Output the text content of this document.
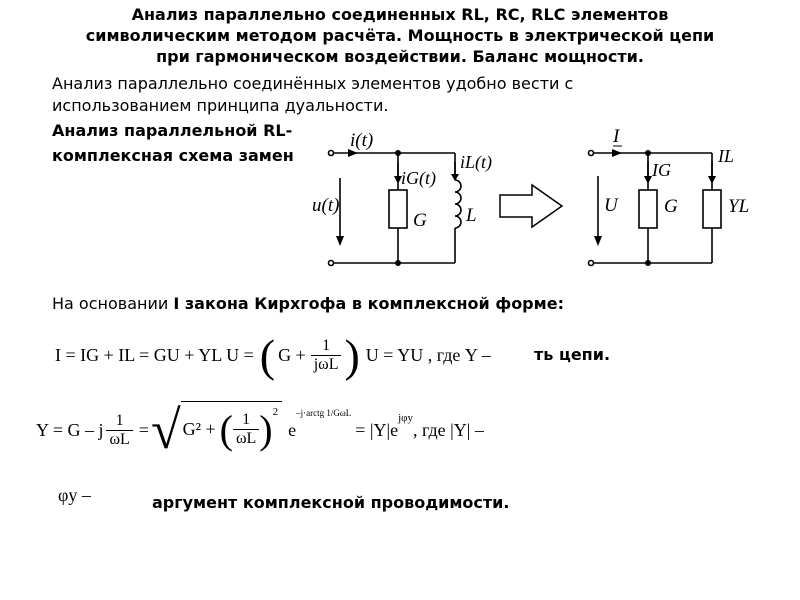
Анализ параллельно соединенных RL, RC, RLC элементов
символическим методом расчёта. Мощность в электрической цепи
при гармоническом воздействии. Баланс мощности.
Анализ параллельно соединённых элементов удобно вести с
использованием принципа дуальности.
Анализ параллельной RL-
комплексная схема замен
i(t)
u(t)
iG(t)
iL(t)
G L
I
U
IG
IL
G	YL
На основании I закона Кирхгофа в комплексной форме:
I = IG + IL = GU + YL U = ( G + 1
jωL ) U = YU , где Y –	ть цепи.
Y = G – j $\frac{1}{\omega L}$ = √ G² + ( $\frac{1}{\omega L} )^2$
e
–j·arctg 1/GωL
= |Y|e
$^{j\varphi y}$
, где |Y| –
φy –	аргумент комплексной проводимости.
